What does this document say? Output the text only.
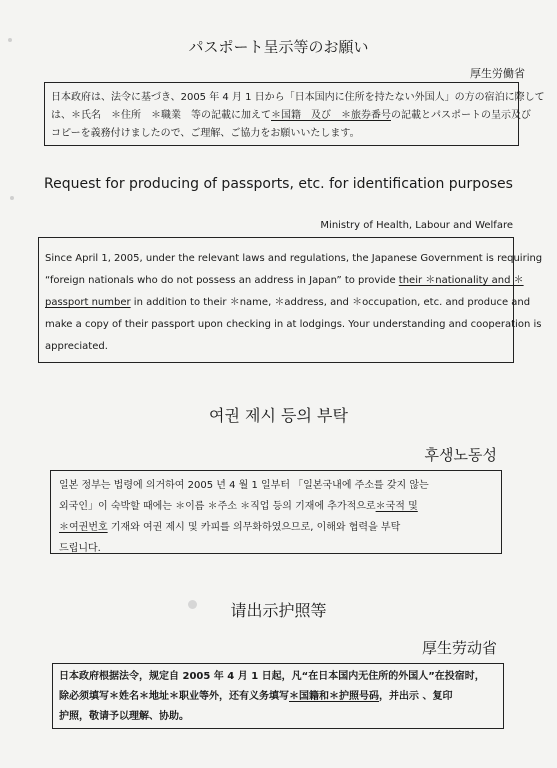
パスポート呈示等のお願い
厚生労働省
日本政府は、法令に基づき、2005 年 4 月 1 日から「日本国内に住所を持たない外国人」の方の宿泊に際して
は、＊氏名　＊住所　＊職業　等の記載に加えて＊国籍　及び　＊旅券番号の記載とパスポートの呈示及び
コピーを義務付けましたので、ご理解、ご協力をお願いいたします。
Request for producing of passports, etc. for identification purposes
Ministry of Health, Labour and Welfare
Since April 1, 2005, under the relevant laws and regulations, the Japanese Government is requiring
“foreign nationals who do not possess an address in Japan” to provide their ＊nationality and ＊
passport number in addition to their ＊name, ＊address, and ＊occupation, etc. and produce and
make a copy of their passport upon checking in at lodgings. Your understanding and cooperation is
appreciated.
여권 제시 등의 부탁
후생노동성
일본 정부는 법령에 의거하여 2005 년 4 월 1 일부터 「일본국내에 주소를 갖지 않는
외국인」이 숙박할 때에는 ＊이름 ＊주소 ＊직업 등의 기재에 추가적으로＊국적 및
＊여권번호 기재와 여권 제시 및 카피를 의무화하였으므로, 이해와 협력을 부탁
드립니다.
请出示护照等
厚生劳动省
日本政府根据法令，规定自 2005 年 4 月 1 日起，凡“在日本国内无住所的外国人”在投宿时，
除必须填写＊姓名＊地址＊职业等外，还有义务填写＊国籍和＊护照号码，并出示 、复印
护照，敬请予以理解、协助。
